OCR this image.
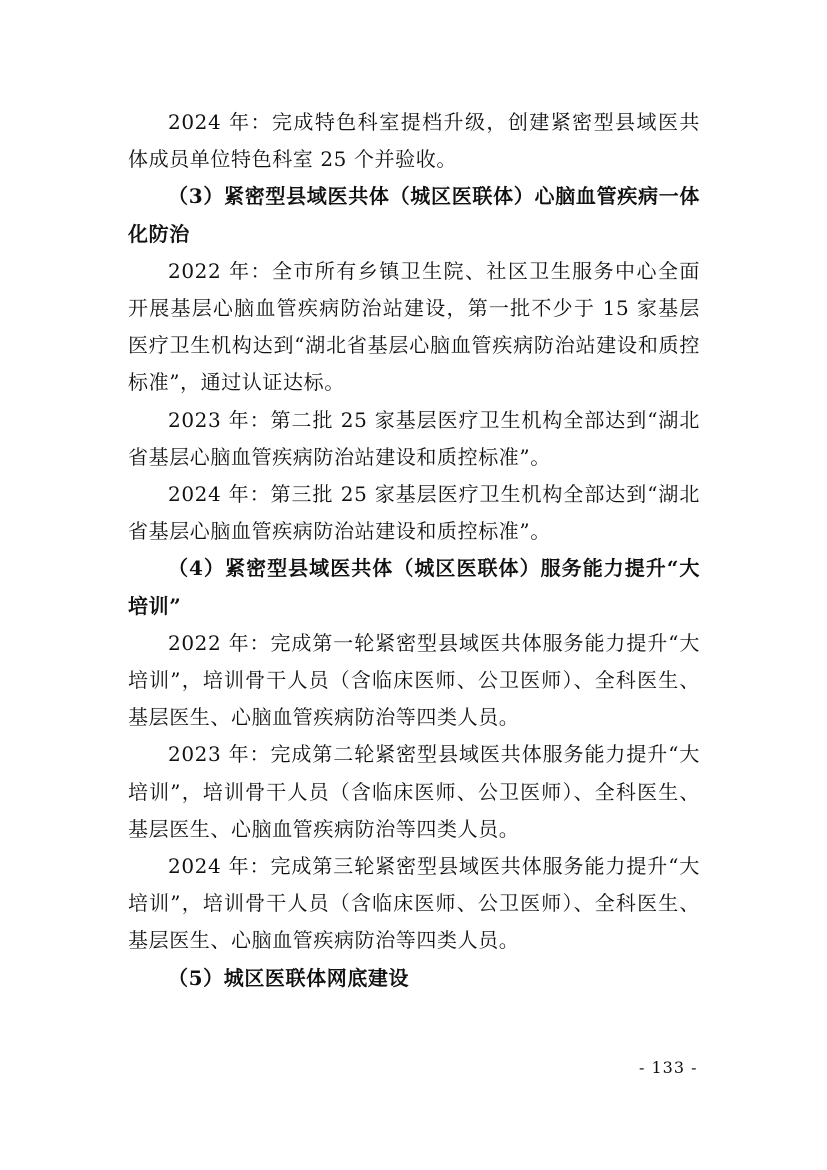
2024 年：完成特色科室提档升级，创建紧密型县域医共体成员单位特色科室 25 个并验收。

（3）紧密型县域医共体（城区医联体）心脑血管疾病一体化防治

2022 年：全市所有乡镇卫生院、社区卫生服务中心全面开展基层心脑血管疾病防治站建设，第一批不少于 15 家基层医疗卫生机构达到“湖北省基层心脑血管疾病防治站建设和质控标准”，通过认证达标。

2023 年：第二批 25 家基层医疗卫生机构全部达到“湖北省基层心脑血管疾病防治站建设和质控标准”。

2024 年：第三批 25 家基层医疗卫生机构全部达到“湖北省基层心脑血管疾病防治站建设和质控标准”。

（4）紧密型县域医共体（城区医联体）服务能力提升“大培训”

2022 年：完成第一轮紧密型县域医共体服务能力提升“大培训”，培训骨干人员（含临床医师、公卫医师）、全科医生、基层医生、心脑血管疾病防治等四类人员。

2023 年：完成第二轮紧密型县域医共体服务能力提升“大培训”，培训骨干人员（含临床医师、公卫医师）、全科医生、基层医生、心脑血管疾病防治等四类人员。

2024 年：完成第三轮紧密型县域医共体服务能力提升“大培训”，培训骨干人员（含临床医师、公卫医师）、全科医生、基层医生、心脑血管疾病防治等四类人员。

（5）城区医联体网底建设

- 133 -
